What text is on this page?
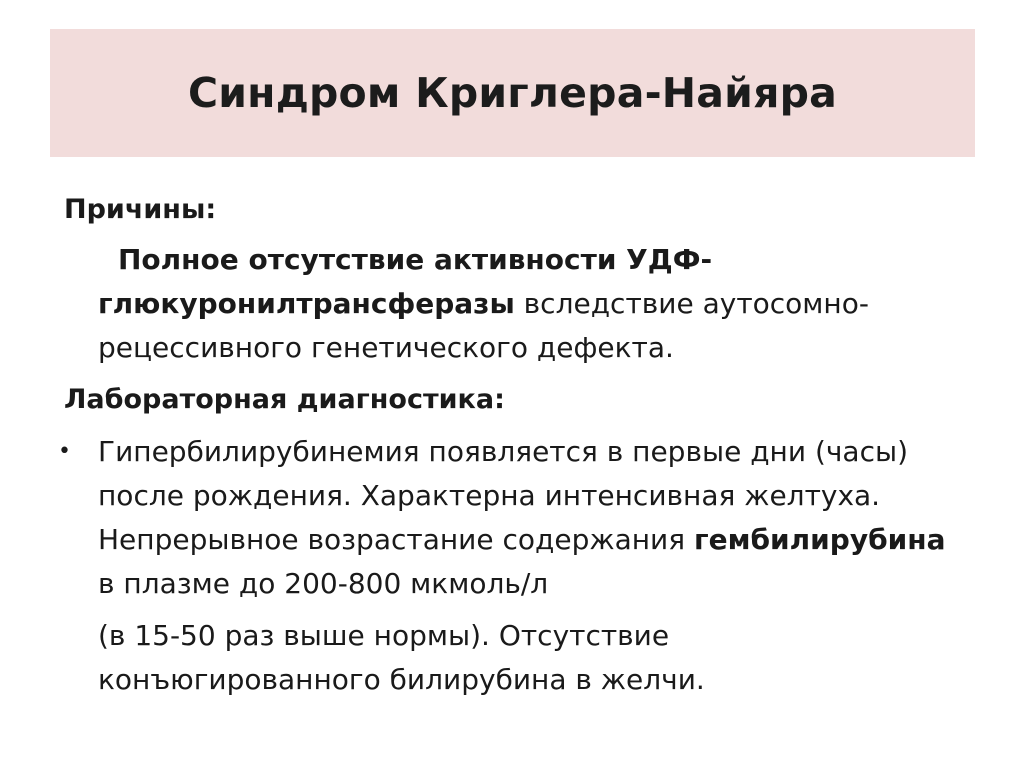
Синдром Криглера-Найяра
Причины:
Полное отсутствие активности УДФ-глюкуронилтрансферазы вследствие аутосомно-рецессивного генетического дефекта.
Лабораторная диагностика:
• Гипербилирубинемия появляется в первые дни (часы) после рождения. Характерна интенсивная желтуха. Непрерывное возрастание содержания гембилирубина в плазме до 200-800 мкмоль/л
(в 15-50 раз выше нормы). Отсутствие конъюгированного билирубина в желчи.
